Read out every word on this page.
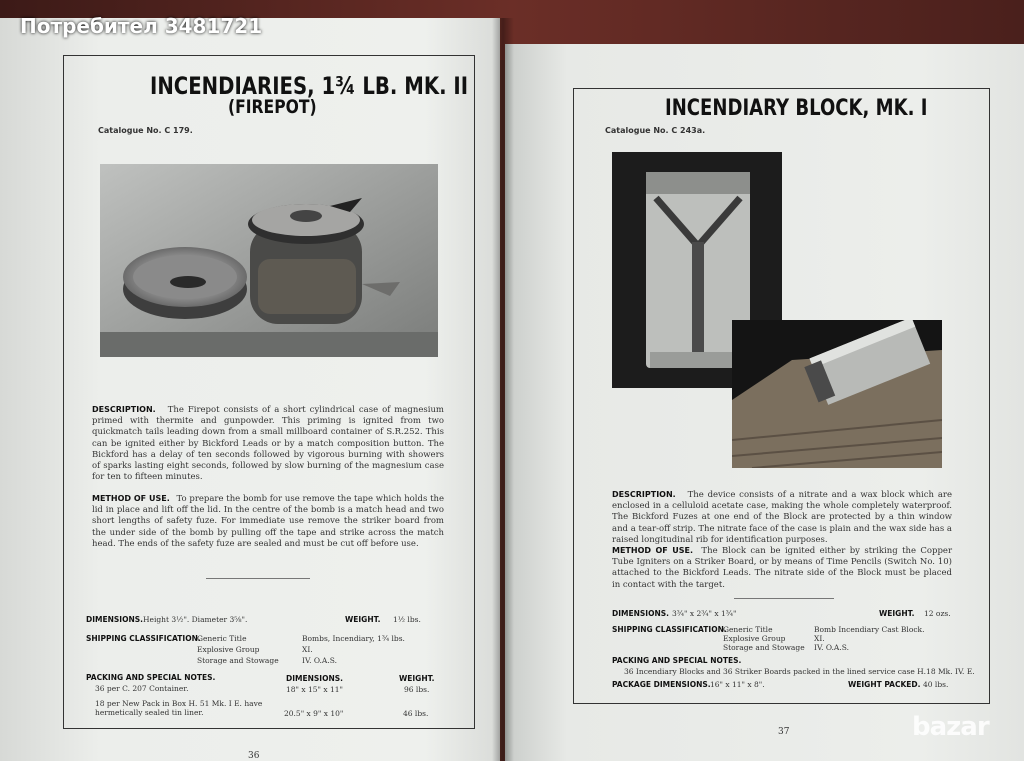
Потребител 3481721
INCENDIARIES, 1¾ LB. MK. II
(FIREPOT)
Catalogue No. C 179.
DESCRIPTION. The Firepot consists of a short cylindrical case of magnesium primed with thermite and gunpowder. This priming is ignited from two quickmatch tails leading down from a small millboard container of S.R.252. This can be ignited either by Bickford Leads or by a match composition button. The Bickford has a delay of ten seconds followed by vigorous burning with showers of sparks lasting eight seconds, followed by slow burning of the magnesium case for ten to fifteen minutes.
METHOD OF USE. To prepare the bomb for use remove the tape which holds the lid in place and lift off the lid. In the centre of the bomb is a match head and two short lengths of safety fuze. For immediate use remove the striker board from the under side of the bomb by pulling off the tape and strike across the match head. The ends of the safety fuze are sealed and must be cut off before use.
DIMENSIONS. Height 3½". Diameter 3⅝".	WEIGHT. 1½ lbs.
SHIPPING CLASSIFICATION.
Generic Title	Bombs, Incendiary, 1¾ lbs.
Explosive Group	XI.
Storage and Stowage	IV. O.A.S.
PACKING AND SPECIAL NOTES.	DIMENSIONS.	WEIGHT.
36 per C. 207 Container.	18" x 15" x 11"	96 lbs.
18 per New Pack in Box H. 51 Mk. I E. have hermetically sealed tin liner.	20.5" x 9" x 10"	46 lbs.
36
INCENDIARY BLOCK, MK. I
Catalogue No. C 243a.
DESCRIPTION. The device consists of a nitrate and a wax block which are enclosed in a celluloid acetate case, making the whole completely waterproof. The Bickford Fuzes at one end of the Block are protected by a thin window and a tear-off strip. The nitrate face of the case is plain and the wax side has a raised longitudinal rib for identification purposes.
METHOD OF USE. The Block can be ignited either by striking the Copper Tube Igniters on a Striker Board, or by means of Time Pencils (Switch No. 10) attached to the Bickford Leads. The nitrate side of the Block must be placed in contact with the target.
DIMENSIONS. 3¾" x 2¾" x 1¾"	WEIGHT. 12 ozs.
SHIPPING CLASSIFICATION.
Generic Title	Bomb Incendiary Cast Block.
Explosive Group	XI.
Storage and Stowage IV. O.A.S.
PACKING AND SPECIAL NOTES.
36 Incendiary Blocks and 36 Striker Boards packed in the lined service case H.18 Mk. IV. E.
PACKAGE DIMENSIONS. 16" x 11" x 8".	WEIGHT PACKED. 40 lbs.
37	bazar
